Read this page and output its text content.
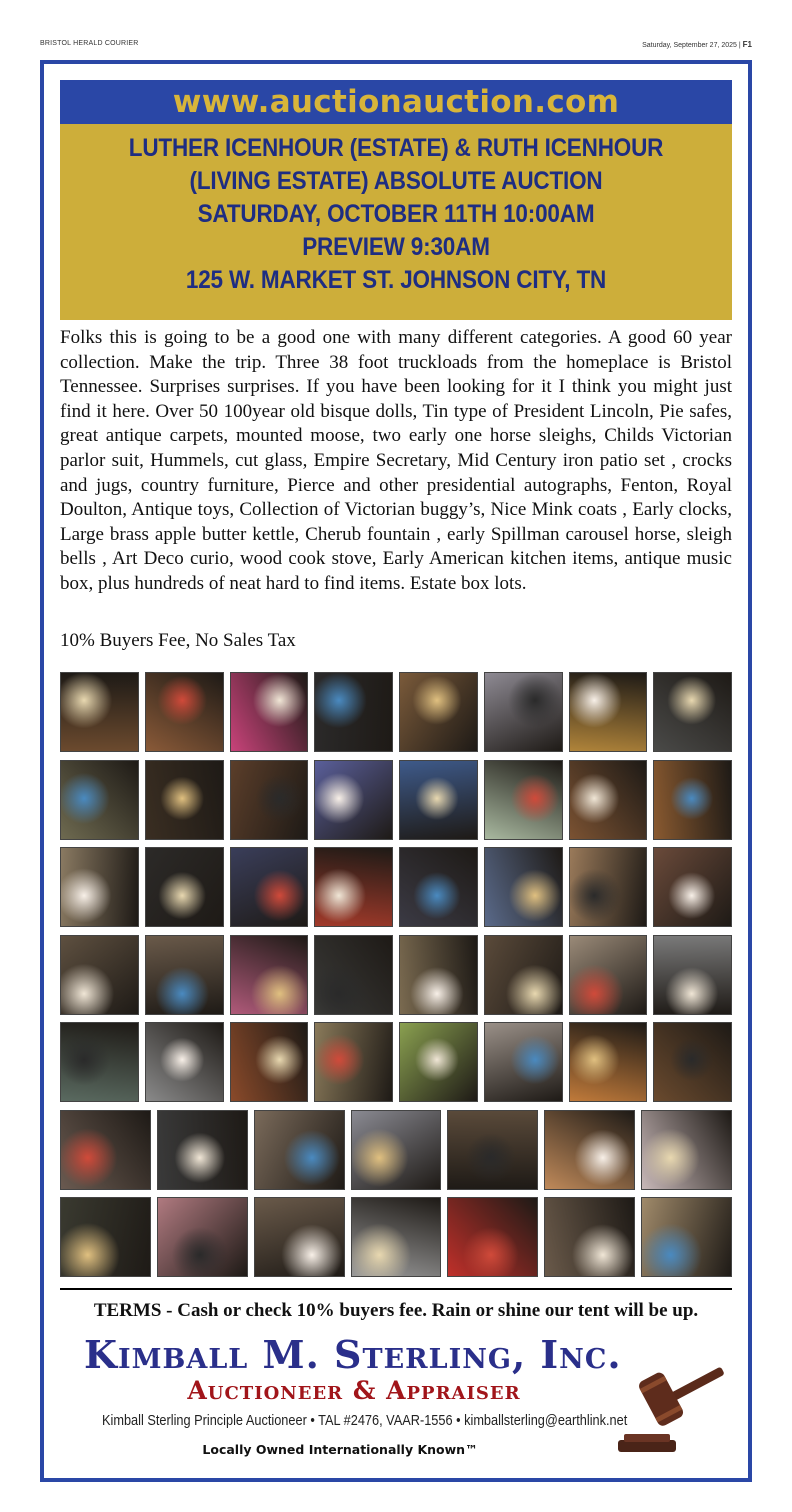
BRISTOL HERALD COURIER	Saturday, September 27, 2025 | F1
www.auctionauction.com
LUTHER ICENHOUR (ESTATE) & RUTH ICENHOUR
(LIVING ESTATE) ABSOLUTE AUCTION
SATURDAY, OCTOBER 11TH 10:00AM
PREVIEW 9:30AM
125 W. MARKET ST. JOHNSON CITY, TN
Folks this is going to be a good one with many different categories. A good 60 year collection. Make the trip. Three 38 foot truckloads from the homeplace is Bristol Tennessee. Surprises surprises. If you have been looking for it I think you might just find it here. Over 50 100year old bisque dolls, Tin type of President Lincoln, Pie safes, great antique carpets, mounted moose, two early one horse sleighs, Childs Victorian parlor suit, Hummels, cut glass, Empire Secretary, Mid Century iron patio set , crocks and jugs, country furniture, Pierce and other presidential autographs, Fenton, Royal Doulton, Antique toys, Collection of Victorian buggy’s, Nice Mink coats , Early clocks, Large brass apple butter kettle, Cherub fountain , early Spillman carousel horse, sleigh bells , Art Deco curio, wood cook stove, Early American kitchen items, antique music box, plus hundreds of neat hard to find items. Estate box lots.
10% Buyers Fee, No Sales Tax
TERMS - Cash or check 10% buyers fee. Rain or shine our tent will be up.
Kimball M. Sterling, Inc.
Auctioneer & Appraiser
Kimball Sterling Principle Auctioneer • TAL #2476, VAAR-1556 • kimballsterling@earthlink.net
Locally Owned Internationally Known™
